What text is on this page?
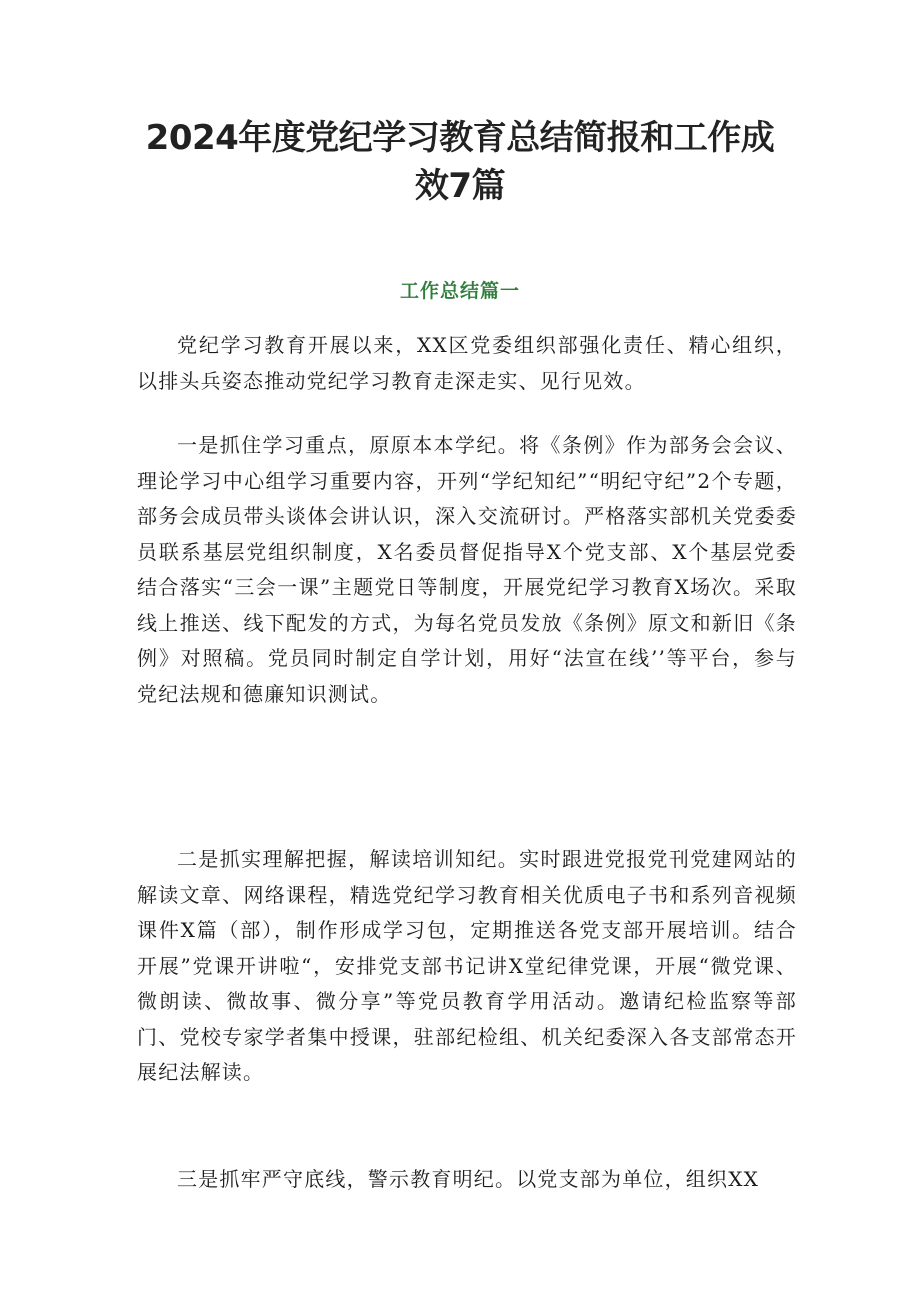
2024年度党纪学习教育总结简报和工作成效7篇
工作总结篇一

党纪学习教育开展以来，XX区党委组织部强化责任、精心组织，以排头兵姿态推动党纪学习教育走深走实、见行见效。

一是抓住学习重点，原原本本学纪。将《条例》作为部务会会议、理论学习中心组学习重要内容，开列“学纪知纪”“明纪守纪”2个专题，部务会成员带头谈体会讲认识，深入交流研讨。严格落实部机关党委委员联系基层党组织制度，X名委员督促指导X个党支部、X个基层党委结合落实“三会一课”主题党日等制度，开展党纪学习教育X场次。采取线上推送、线下配发的方式，为每名党员发放《条例》原文和新旧《条例》对照稿。党员同时制定自学计划，用好“法宣在线’’等平台，参与党纪法规和德廉知识测试。

二是抓实理解把握，解读培训知纪。实时跟进党报党刊党建网站的解读文章、网络课程，精选党纪学习教育相关优质电子书和系列音视频课件X篇（部），制作形成学习包，定期推送各党支部开展培训。结合开展”党课开讲啦“，安排党支部书记讲X堂纪律党课，开展“微党课、微朗读、微故事、微分享”等党员教育学用活动。邀请纪检监察等部门、党校专家学者集中授课，驻部纪检组、机关纪委深入各支部常态开展纪法解读。

三是抓牢严守底线，警示教育明纪。以党支部为单位，组织XX
